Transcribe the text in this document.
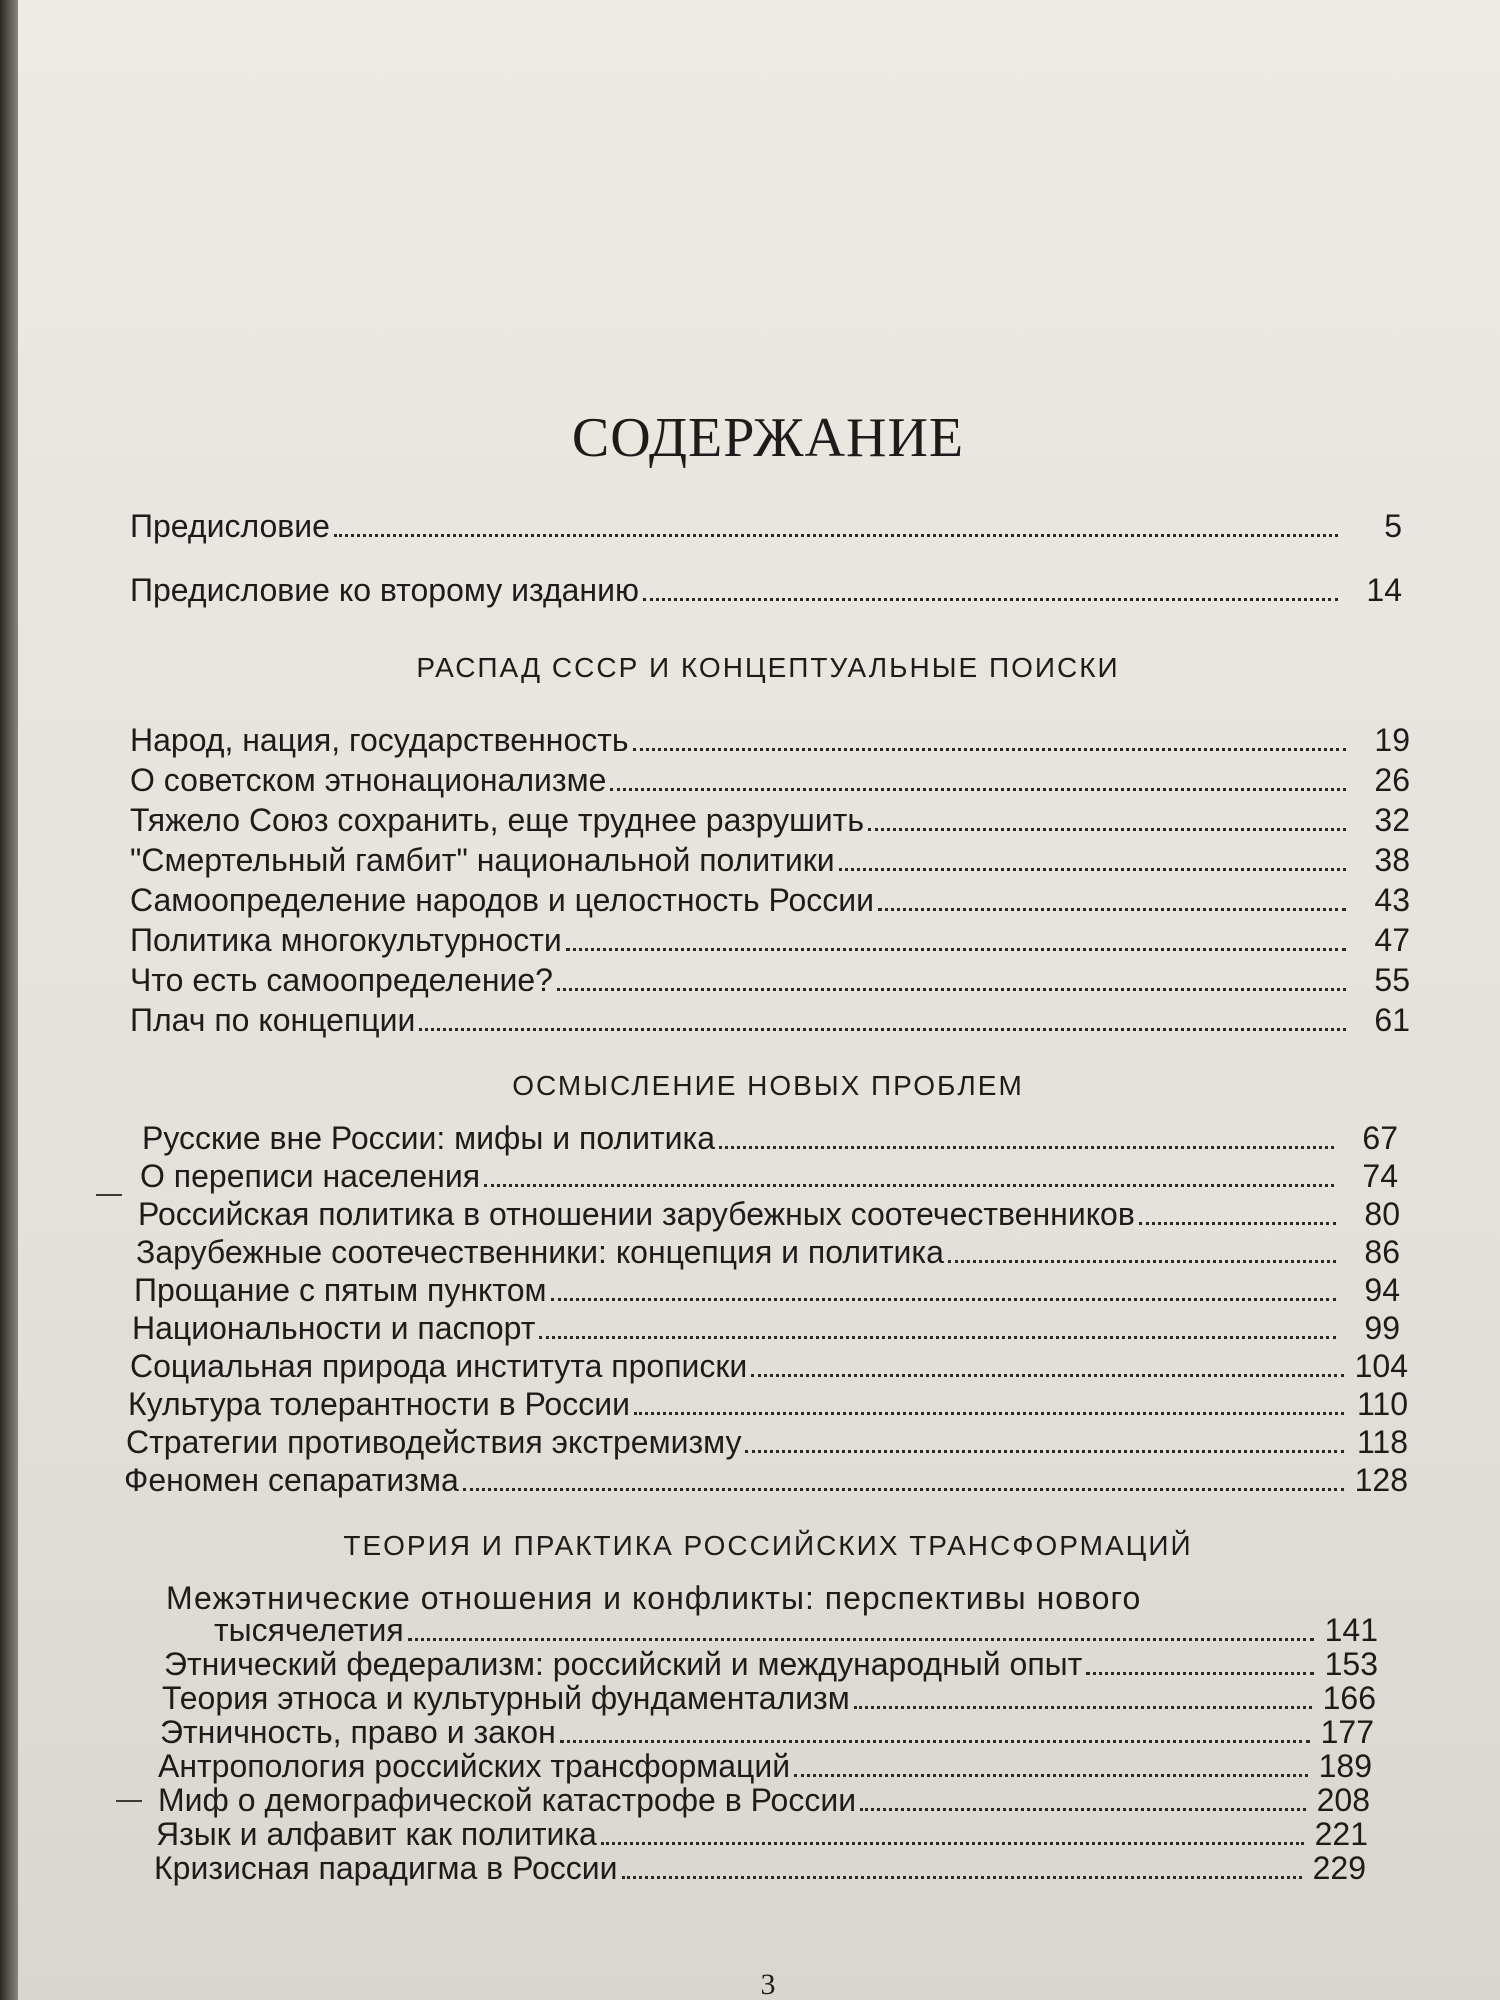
СОДЕРЖАНИЕ
Предисловие	5
Предисловие ко второму изданию	14
РАСПАД СССР И КОНЦЕПТУАЛЬНЫЕ ПОИСКИ
Народ, нация, государственность	19
О советском этнонационализме	26
Тяжело Союз сохранить, еще труднее разрушить	32
"Смертельный гамбит" национальной политики	38
Самоопределение народов и целостность России	43
Политика многокультурности	47
Что есть самоопределение?	55
Плач по концепции	61
ОСМЫСЛЕНИЕ НОВЫХ ПРОБЛЕМ
Русские вне России: мифы и политика	67
О переписи населения	74
Российская политика в отношении зарубежных соотечественников	80
Зарубежные соотечественники: концепция и политика	86
Прощание с пятым пунктом	94
Национальности и паспорт	99
Социальная природа института прописки	104
Культура толерантности в России	110
Стратегии противодействия экстремизму	118
Феномен сепаратизма	128
ТЕОРИЯ И ПРАКТИКА РОССИЙСКИХ ТРАНСФОРМАЦИЙ
Межэтнические отношения и конфликты: перспективы нового
тысячелетия	141
Этнический федерализм: российский и международный опыт	153
Теория этноса и культурный фундаментализм	166
Этничность, право и закон	177
Антропология российских трансформаций	189
Миф о демографической катастрофе в России	208
Язык и алфавит как политика	221
Кризисная парадигма в России	229
3
